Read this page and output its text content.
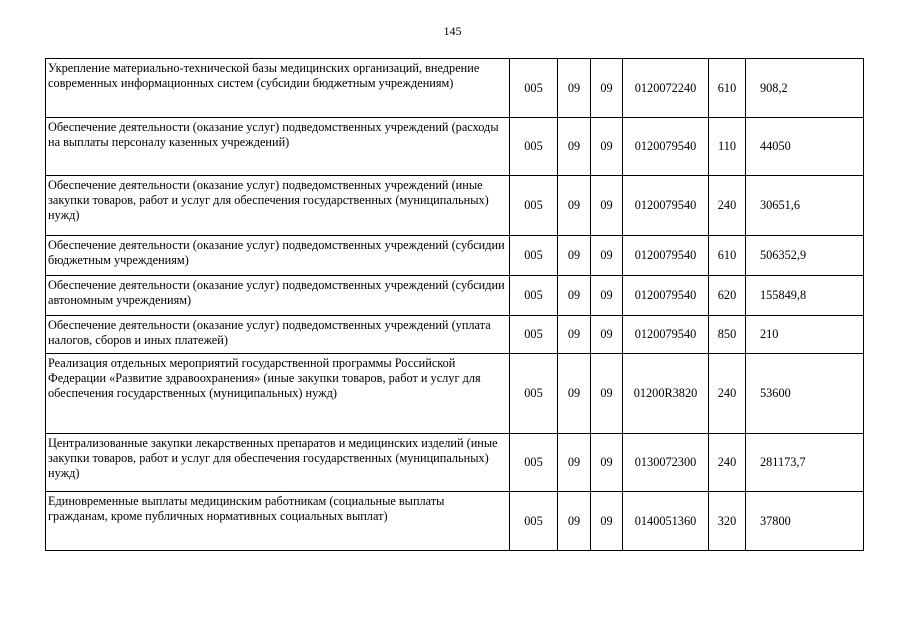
145
Укрепление материально-технической базы медицинских организаций, внедрение современных информационных систем (субсидии бюджетным учреждениям)	005	09	09	0120072240	610	908,2
Обеспечение деятельности (оказание услуг) подведомственных учреждений (расходы на выплаты персоналу казенных учреждений)	005	09	09	0120079540	110	44050
Обеспечение деятельности (оказание услуг) подведомственных учреждений (иные закупки товаров, работ и услуг для обеспечения государственных (муниципальных) нужд)	005	09	09	0120079540	240	30651,6
Обеспечение деятельности (оказание услуг) подведомственных учреждений (субсидии бюджетным учреждениям)	005	09	09	0120079540	610	506352,9
Обеспечение деятельности (оказание услуг) подведомственных учреждений (субсидии автономным учреждениям)	005	09	09	0120079540	620	155849,8
Обеспечение деятельности (оказание услуг) подведомственных учреждений (уплата налогов, сборов и иных платежей)	005	09	09	0120079540	850	210
Реализация отдельных мероприятий государственной программы Российской Федерации «Развитие здравоохранения» (иные закупки товаров, работ и услуг для обеспечения государственных (муниципальных) нужд)	005	09	09	01200R3820	240	53600
Централизованные закупки лекарственных препаратов и медицинских изделий (иные закупки товаров, работ и услуг для обеспечения государственных (муниципальных) нужд)	005	09	09	0130072300	240	281173,7
Единовременные выплаты медицинским работникам (социальные выплаты гражданам, кроме публичных нормативных социальных выплат)	005	09	09	0140051360	320	37800
